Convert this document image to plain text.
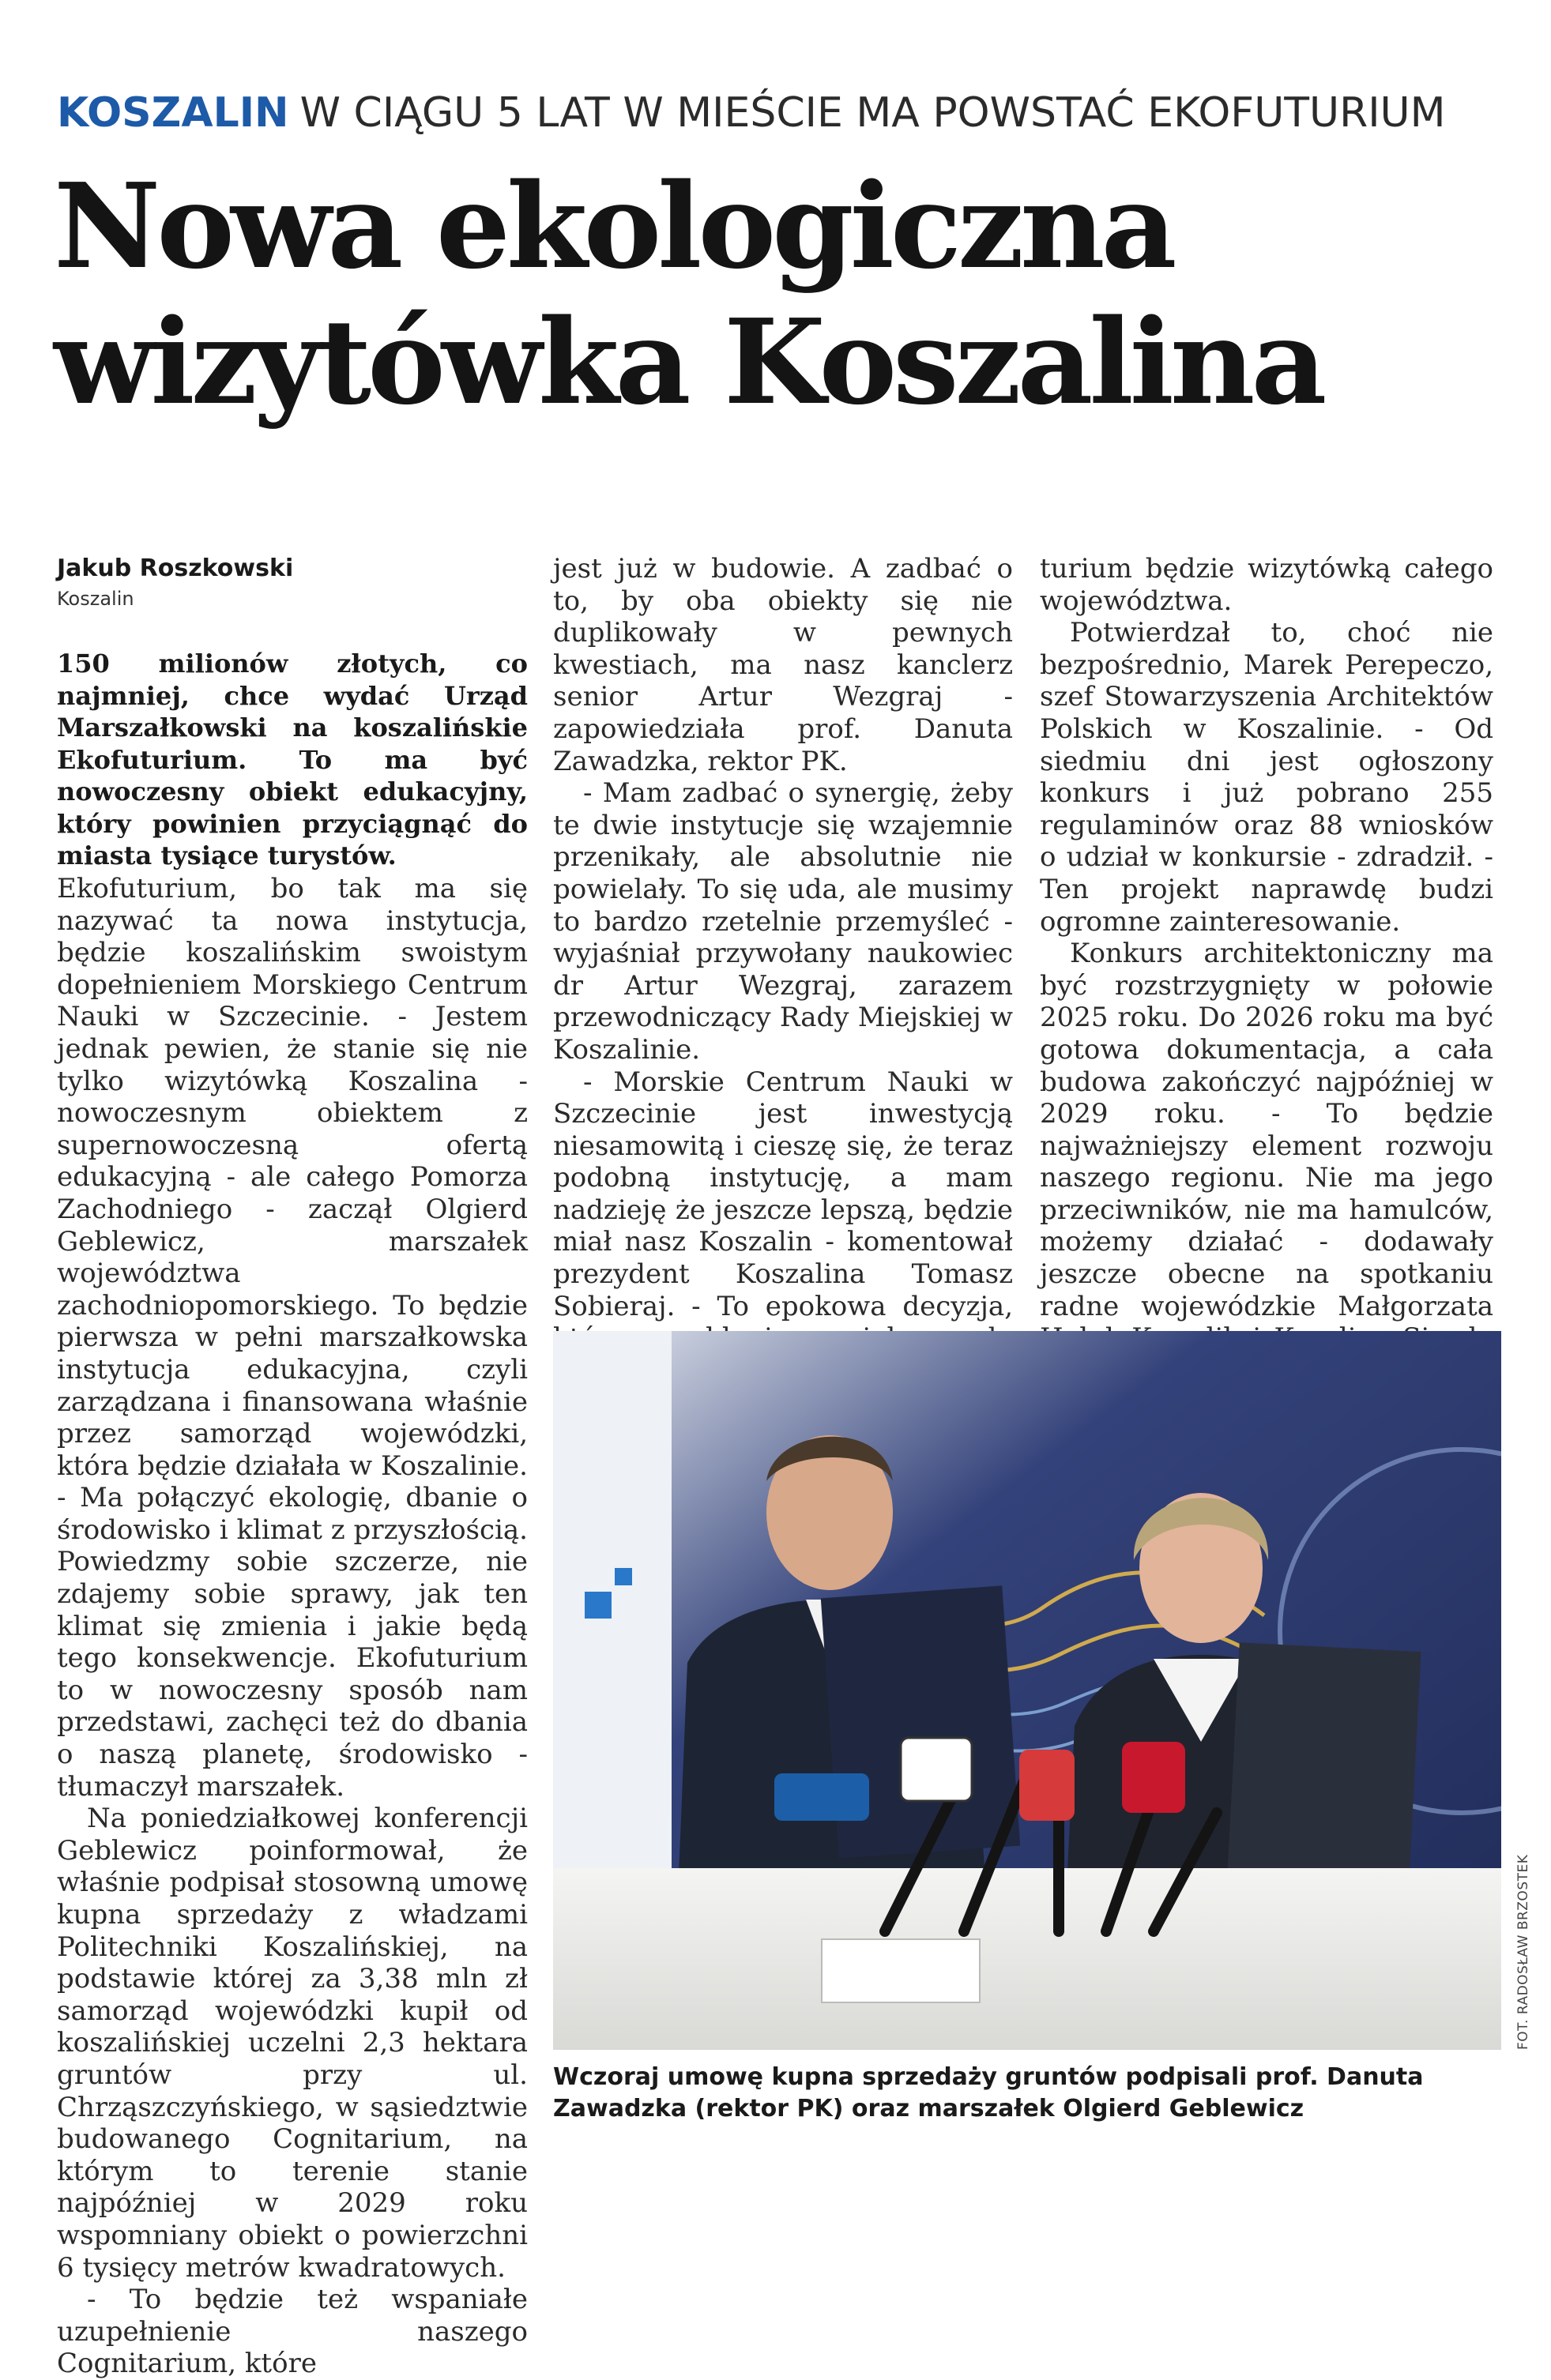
KOSZALIN W CIĄGU 5 LAT W MIEŚCIE MA POWSTAĆ EKOFUTURIUM
Nowa ekologiczna
wizytówka Koszalina
Jakub Roszkowski
Koszalin

150 milionów złotych, co najmniej, chce wydać Urząd Marszałkowski na koszalińskie Ekofuturium. To ma być nowoczesny obiekt edukacyjny, który powinien przyciągnąć do miasta tysiące turystów.

Ekofuturium, bo tak ma się nazywać ta nowa instytucja, będzie koszalińskim swoistym dopełnieniem Morskiego Centrum Nauki w Szczecinie. - Jestem jednak pewien, że stanie się nie tylko wizytówką Koszalina - nowoczesnym obiektem z supernowoczesną ofertą edukacyjną - ale całego Pomorza Zachodniego - zaczął Olgierd Geblewicz, marszałek województwa zachodniopomorskiego. To będzie pierwsza w pełni marszałkowska instytucja edukacyjna, czyli zarządzana i finansowana właśnie przez samorząd wojewódzki, która będzie działała w Koszalinie. - Ma połączyć ekologię, dbanie o środowisko i klimat z przyszłością. Powiedzmy sobie szczerze, nie zdajemy sobie sprawy, jak ten klimat się zmienia i jakie będą tego konsekwencje. Ekofuturium to w nowoczesny sposób nam przedstawi, zachęci też do dbania o naszą planetę, środowisko - tłumaczył marszałek.

Na poniedziałkowej konferencji Geblewicz poinformował, że właśnie podpisał stosowną umowę kupna sprzedaży z władzami Politechniki Koszalińskiej, na podstawie której za 3,38 mln zł samorząd wojewódzki kupił od koszalińskiej uczelni 2,3 hektara gruntów przy ul. Chrząszczyńskiego, w sąsiedztwie budowanego Cognitarium, na którym to terenie stanie najpóźniej w 2029 roku wspomniany obiekt o powierzchni 6 tysięcy metrów kwadratowych.

- To będzie też wspaniałe uzupełnienie naszego Cognitarium, które

jest już w budowie. A zadbać o to, by oba obiekty się nie duplikowały w pewnych kwestiach, ma nasz kanclerz senior Artur Wezgraj - zapowiedziała prof. Danuta Zawadzka, rektor PK.

- Mam zadbać o synergię, żeby te dwie instytucje się wzajemnie przenikały, ale absolutnie nie powielały. To się uda, ale musimy to bardzo rzetelnie przemyśleć - wyjaśniał przywołany naukowiec dr Artur Wezgraj, zarazem przewodniczący Rady Miejskiej w Koszalinie.

- Morskie Centrum Nauki w Szczecinie jest inwestycją niesamowitą i cieszę się, że teraz podobną instytucję, a mam nadzieję że jeszcze lepszą, będzie miał nasz Koszalin - komentował prezydent Koszalina Tomasz Sobieraj. - To epokowa decyzja,

turium będzie wizytówką całego województwa.

Potwierdzał to, choć nie bezpośrednio, Marek Perepeczo, szef Stowarzyszenia Architektów Polskich w Koszalinie. - Od siedmiu dni jest ogłoszony konkurs i już pobrano 255 regulaminów oraz 88 wniosków o udział w konkursie - zdradził. - Ten projekt naprawdę budzi ogromne zainteresowanie.

Konkurs architektoniczny ma być rozstrzygnięty w połowie 2025 roku. Do 2026 roku ma być gotowa dokumentacja, a cała budowa zakończyć najpóźniej w 2029 roku. - To będzie najważniejszy element rozwoju naszego regionu. Nie ma jego przeciwników, nie ma hamulców, możemy działać - dodawały jeszcze obecne na spotkaniu radne wojewódzkie Małgorzata

FOT. RADOSŁAW BRZOSTEK

Wczoraj umowę kupna sprzedaży gruntów podpisali prof. Danuta Zawadzka (rektor PK) oraz marszałek Olgierd Geblewicz
